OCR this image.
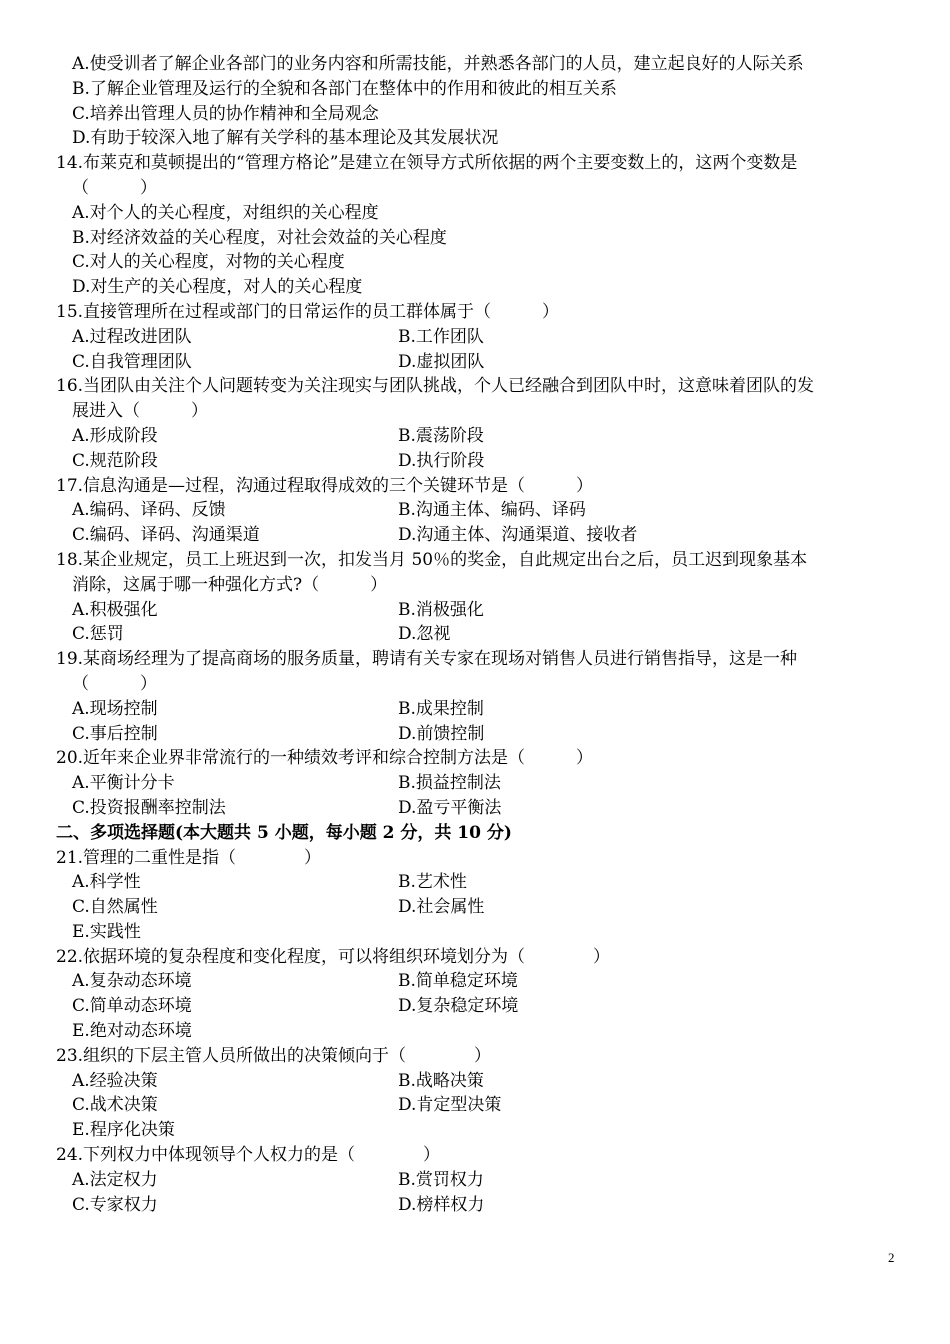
A.使受训者了解企业各部门的业务内容和所需技能，并熟悉各部门的人员，建立起良好的人际关系
B.了解企业管理及运行的全貌和各部门在整体中的作用和彼此的相互关系
C.培养出管理人员的协作精神和全局观念
D.有助于较深入地了解有关学科的基本理论及其发展状况
14.布莱克和莫顿提出的“管理方格论”是建立在领导方式所依据的两个主要变数上的，这两个变数是
（　　　）
A.对个人的关心程度，对组织的关心程度
B.对经济效益的关心程度，对社会效益的关心程度
C.对人的关心程度，对物的关心程度
D.对生产的关心程度，对人的关心程度
15.直接管理所在过程或部门的日常运作的员工群体属于（　　　）
A.过程改进团队	B.工作团队
C.自我管理团队	D.虚拟团队
16.当团队由关注个人问题转变为关注现实与团队挑战，个人已经融合到团队中时，这意味着团队的发
展进入（　　　）
A.形成阶段	B.震荡阶段
C.规范阶段	D.执行阶段
17.信息沟通是—过程，沟通过程取得成效的三个关键环节是（　　　）
A.编码、译码、反馈	B.沟通主体、编码、译码
C.编码、译码、沟通渠道	D.沟通主体、沟通渠道、接收者
18.某企业规定，员工上班迟到一次，扣发当月 50％的奖金，自此规定出台之后，员工迟到现象基本
消除，这属于哪一种强化方式?（　　　）
A.积极强化	B.消极强化
C.惩罚	D.忽视
19.某商场经理为了提高商场的服务质量，聘请有关专家在现场对销售人员进行销售指导，这是一种
（　　　）
A.现场控制	B.成果控制
C.事后控制	D.前馈控制
20.近年来企业界非常流行的一种绩效考评和综合控制方法是（　　　）
A.平衡计分卡	B.损益控制法
C.投资报酬率控制法	D.盈亏平衡法
二、多项选择题(本大题共 5 小题，每小题 2 分，共 10 分)
21.管理的二重性是指（　　　　）
A.科学性	B.艺术性
C.自然属性	D.社会属性
E.实践性
22.依据环境的复杂程度和变化程度，可以将组织环境划分为（　　　　）
A.复杂动态环境	B.简单稳定环境
C.简单动态环境	D.复杂稳定环境
E.绝对动态环境
23.组织的下层主管人员所做出的决策倾向于（　　　　）
A.经验决策	B.战略决策
C.战术决策	D.肯定型决策
E.程序化决策
24.下列权力中体现领导个人权力的是（　　　　）
A.法定权力	B.赏罚权力
C.专家权力	D.榜样权力
2
